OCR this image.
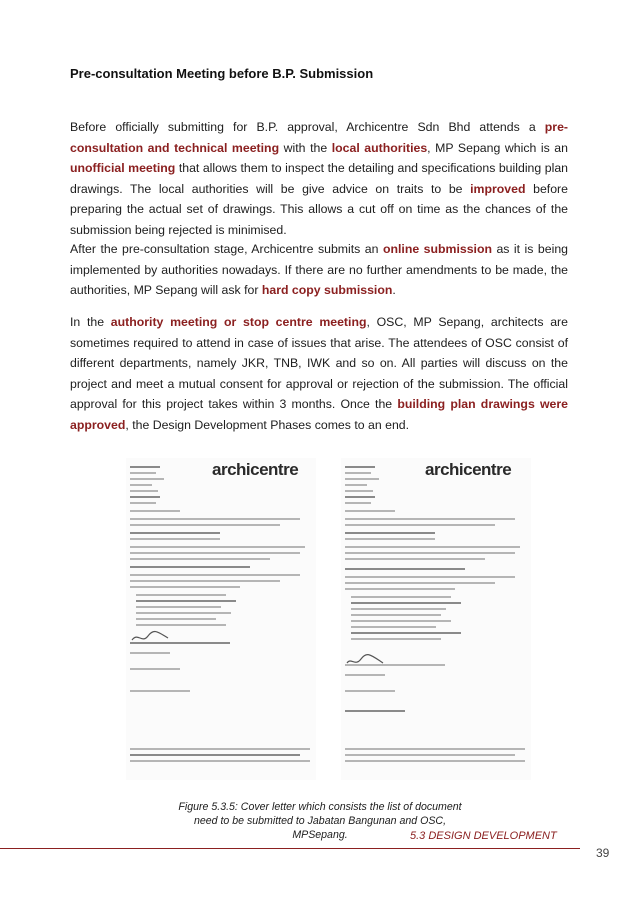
Pre-consultation Meeting before B.P. Submission
Before officially submitting for B.P. approval, Archicentre Sdn Bhd attends a pre-consultation and technical meeting with the local authorities, MP Sepang which is an unofficial meeting that allows them to inspect the detailing and specifications building plan drawings. The local authorities will be give advice on traits to be improved before preparing the actual set of drawings. This allows a cut off on time as the chances of the submission being rejected is minimised.
After the pre-consultation stage, Archicentre submits an online submission as it is being implemented by authorities nowadays. If there are no further amendments to be made, the authorities, MP Sepang will ask for hard copy submission.
In the authority meeting or stop centre meeting, OSC, MP Sepang, architects are sometimes required to attend in case of issues that arise. The attendees of OSC consist of different departments, namely JKR, TNB, IWK and so on. All parties will discuss on the project and meet a mutual consent for approval or rejection of the submission. The official approval for this project takes within 3 months. Once the building plan drawings were approved, the Design Development Phases comes to an end.
archicentre	archicentre
Figure 5.3.5: Cover letter which consists the list of document need to be submitted to Jabatan Bangunan and OSC, MPSepang.	5.3 DESIGN DEVELOPMENT
39
